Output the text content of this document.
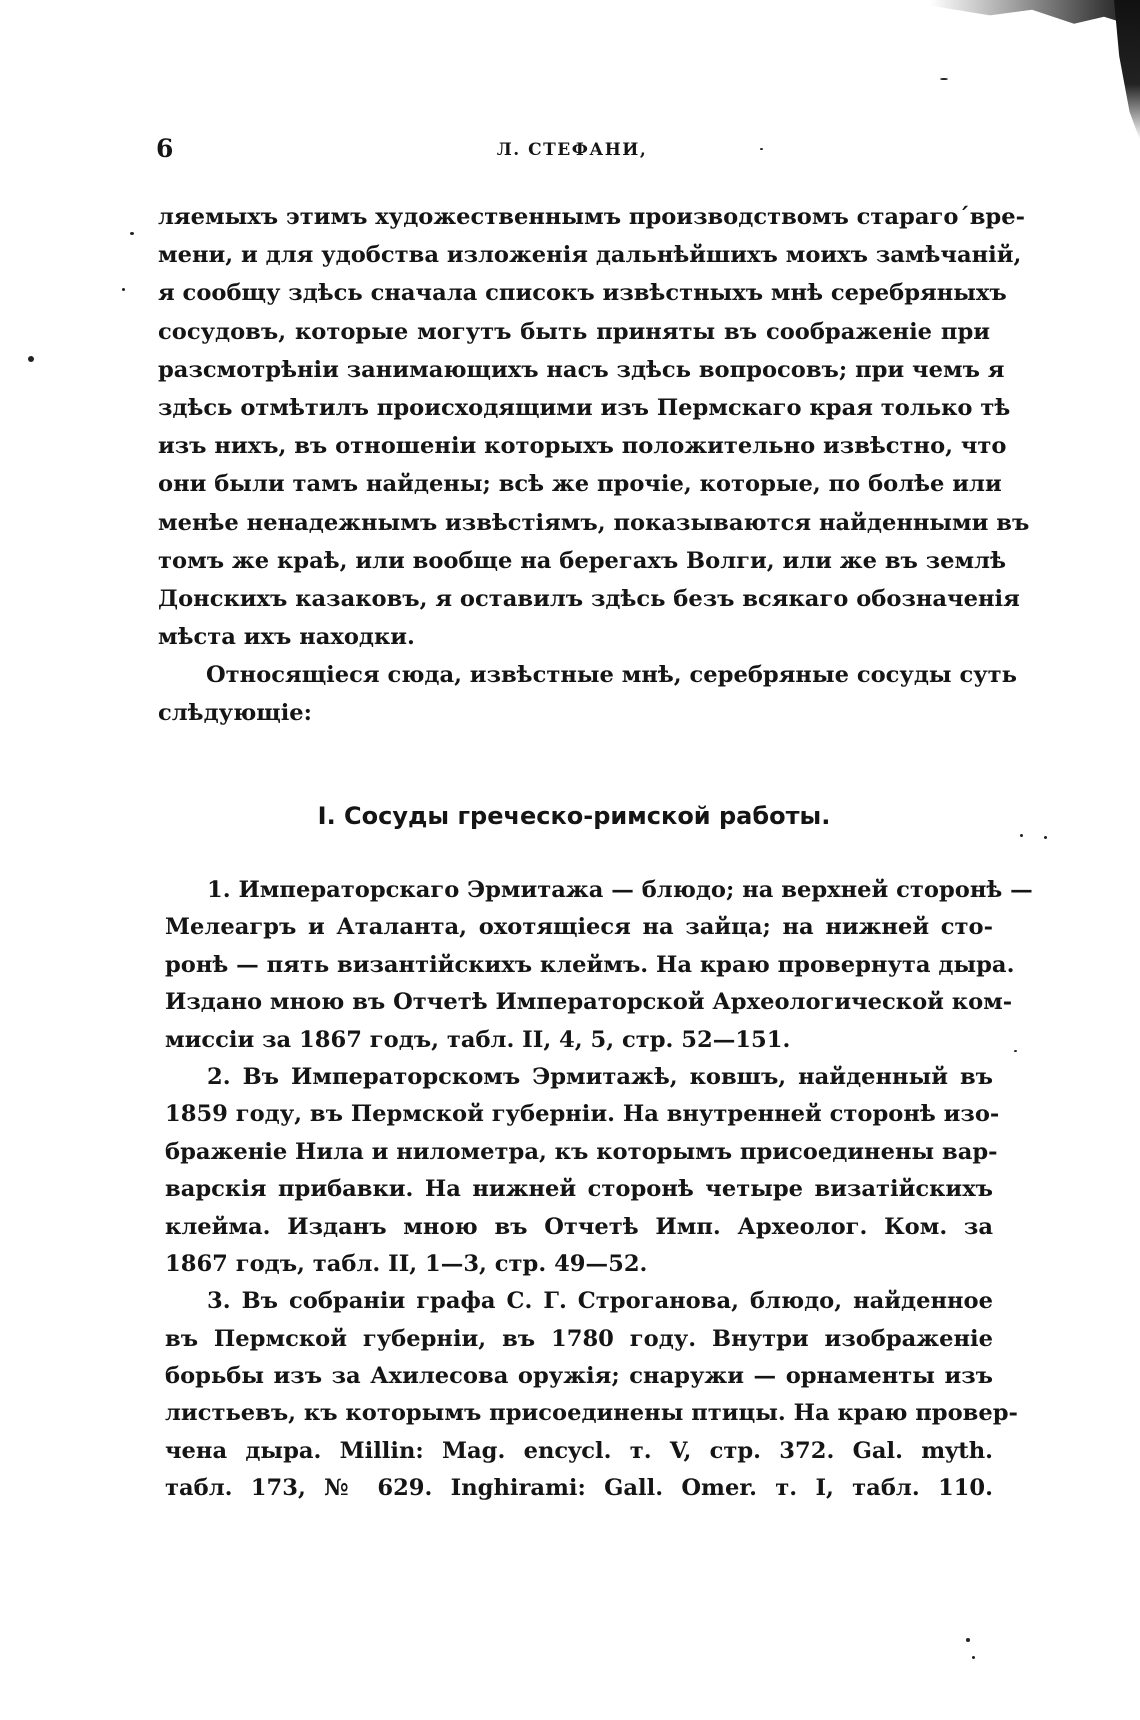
6	Л. СТЕФАНИ,
ляемыхъ этимъ художественнымъ производствомъ стараго´вре-
мени, и для удобства изложенія дальнѣйшихъ моихъ замѣчаній,
я сообщу здѣсь сначала списокъ извѣстныхъ мнѣ серебряныхъ
сосудовъ, которые могутъ быть приняты въ соображеніе при
разсмотрѣніи занимающихъ насъ здѣсь вопросовъ; при чемъ я
здѣсь отмѣтилъ происходящими изъ Пермскаго края только тѣ
изъ нихъ, въ отношеніи которыхъ положительно извѣстно, что
они были тамъ найдены; всѣ же прочіе, которые, по болѣе или
менѣе ненадежнымъ извѣстіямъ, показываются найденными въ
томъ же краѣ, или вообще на берегахъ Волги, или же въ землѣ
Донскихъ казаковъ, я оставилъ здѣсь безъ всякаго обозначенія
мѣста ихъ находки.
Относящіеся сюда, извѣстные мнѣ, серебряные сосуды суть
слѣдующіе:
I. Сосуды греческо-римской работы.
1. Императорскаго Эрмитажа — блюдо; на верхней сторонѣ —
Мелеагръ и Аталанта, охотящіеся на зайца; на нижней сто-
ронѣ — пять византійскихъ клеймъ. На краю провернута дыра.
Издано мною въ Отчетѣ Императорской Археологической ком-
миссіи за 1867 годъ, табл. II, 4, 5, стр. 52—151.
2. Въ Императорскомъ Эрмитажѣ, ковшъ, найденный въ
1859 году, въ Пермской губерніи. На внутренней сторонѣ изо-
браженіе Нила и нилометра, къ которымъ присоединены вар-
варскія прибавки. На нижней сторонѣ четыре визатійскихъ
клейма. Изданъ мною въ Отчетѣ Имп. Археолог. Ком. за
1867 годъ, табл. II, 1—3, стр. 49—52.
3. Въ собраніи графа С. Г. Строганова, блюдо, найденное
въ Пермской губерніи, въ 1780 году. Внутри изображеніе
борьбы изъ за Ахилесова оружія; снаружи — орнаменты изъ
листьевъ, къ которымъ присоединены птицы. На краю провер-
чена дыра. Millin: Mag. encycl. т. V, стр. 372. Gal. myth.
табл. 173, № 629. Inghirami: Gall. Omer. т. I, табл. 110.
